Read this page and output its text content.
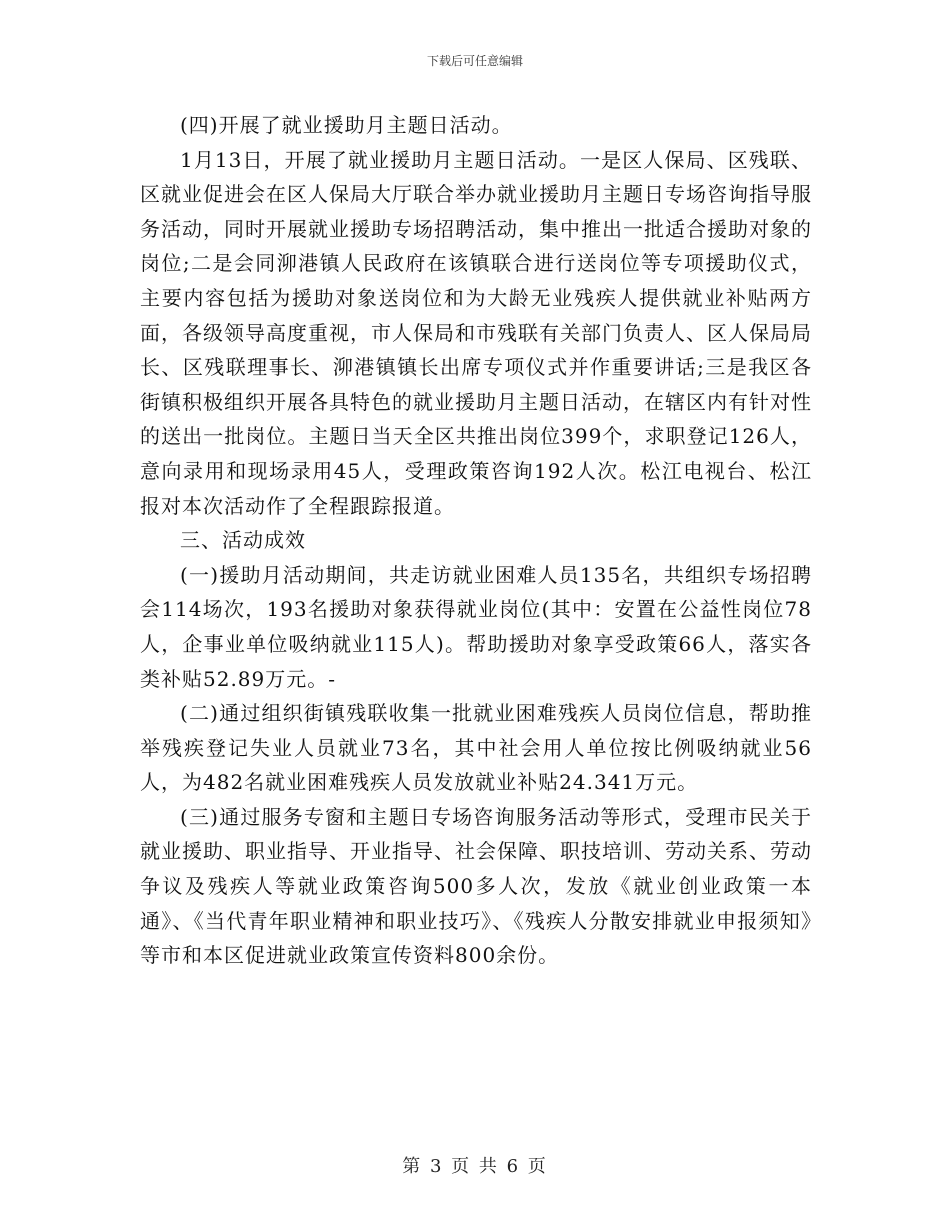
下载后可任意编辑

(四)开展了就业援助月主题日活动。

1月13日，开展了就业援助月主题日活动。一是区人保局、区残联、区就业促进会在区人保局大厅联合举办就业援助月主题日专场咨询指导服务活动，同时开展就业援助专场招聘活动，集中推出一批适合援助对象的岗位;二是会同泖港镇人民政府在该镇联合进行送岗位等专项援助仪式，主要内容包括为援助对象送岗位和为大龄无业残疾人提供就业补贴两方面，各级领导高度重视，市人保局和市残联有关部门负责人、区人保局局长、区残联理事长、泖港镇镇长出席专项仪式并作重要讲话;三是我区各街镇积极组织开展各具特色的就业援助月主题日活动，在辖区内有针对性的送出一批岗位。主题日当天全区共推出岗位399个，求职登记126人，意向录用和现场录用45人，受理政策咨询192人次。松江电视台、松江报对本次活动作了全程跟踪报道。

三、活动成效

(一)援助月活动期间，共走访就业困难人员135名，共组织专场招聘会114场次，193名援助对象获得就业岗位(其中：安置在公益性岗位78人，企事业单位吸纳就业115人)。帮助援助对象享受政策66人，落实各类补贴52.89万元。-

(二)通过组织街镇残联收集一批就业困难残疾人员岗位信息，帮助推举残疾登记失业人员就业73名，其中社会用人单位按比例吸纳就业56人，为482名就业困难残疾人员发放就业补贴24.341万元。

(三)通过服务专窗和主题日专场咨询服务活动等形式，受理市民关于就业援助、职业指导、开业指导、社会保障、职技培训、劳动关系、劳动争议及残疾人等就业政策咨询500多人次，发放《就业创业政策一本通》、《当代青年职业精神和职业技巧》、《残疾人分散安排就业申报须知》等市和本区促进就业政策宣传资料800余份。

第 3 页 共 6 页
